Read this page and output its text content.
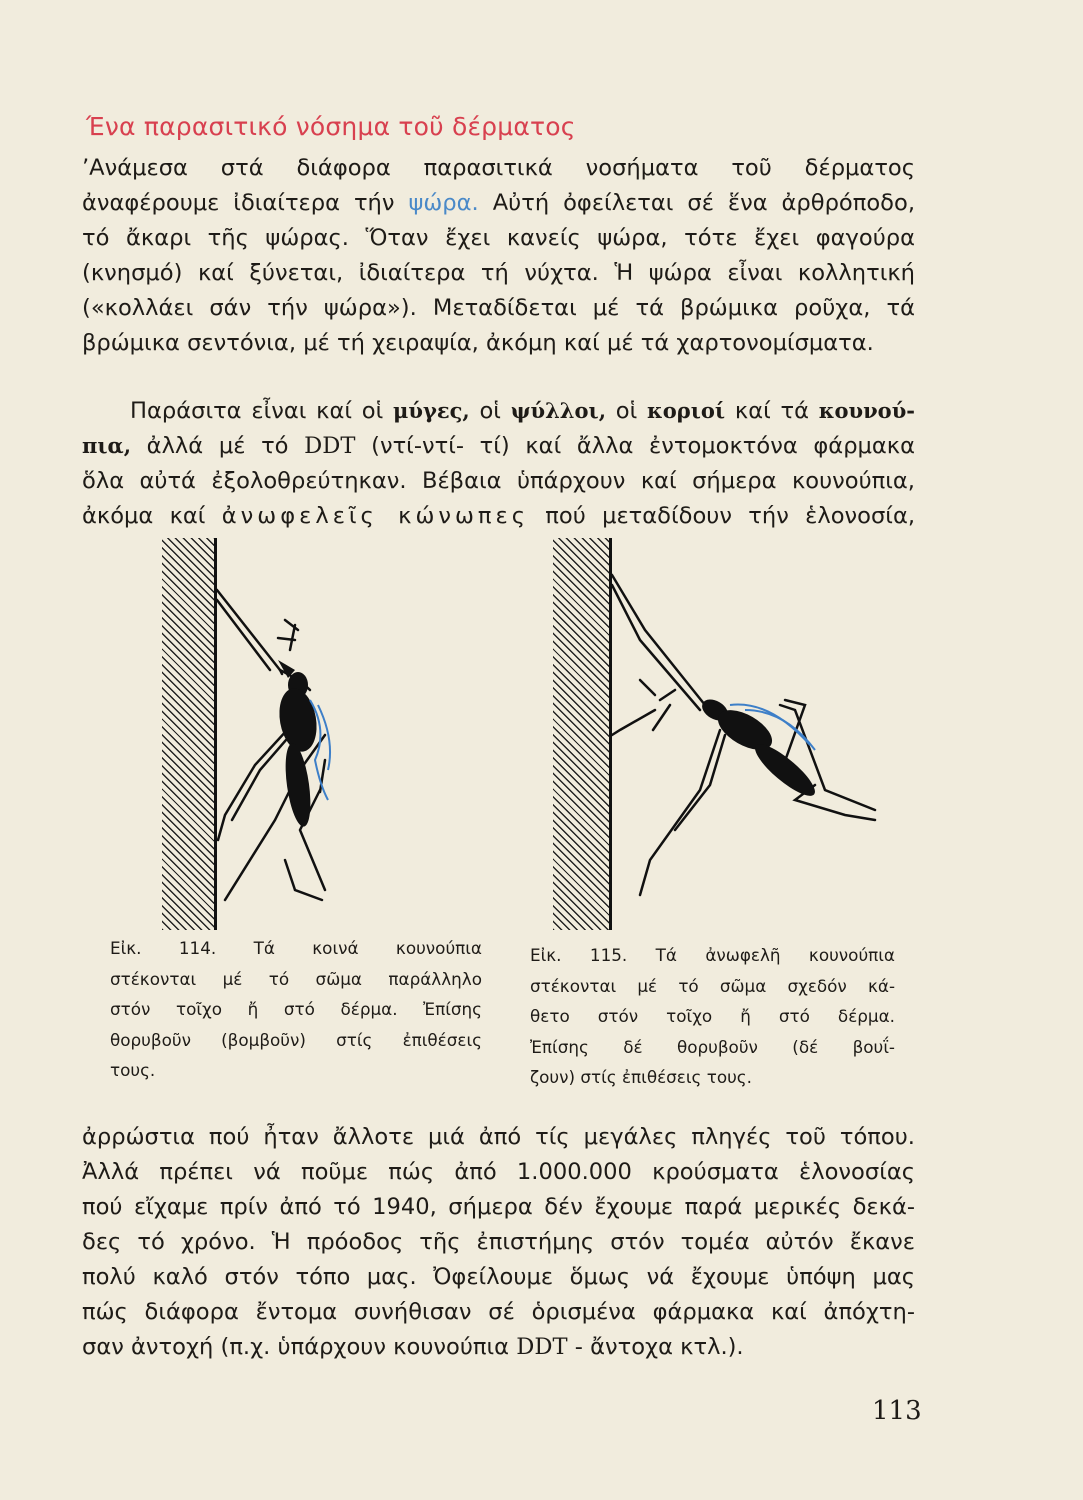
Ένα παρασιτικό νόσημα τοῦ δέρματος
’Ανάμεσα στά διάφορα παρασιτικά νοσήματα τοῦ δέρματος
ἀναφέρουμε ἰδιαίτερα τήν ψώρα. Αὐτή ὀφείλεται σέ ἕνα ἀρθρόποδο,
τό ἄκαρι τῆς ψώρας. Ὅταν ἔχει κανείς ψώρα, τότε ἔχει φαγούρα
(κνησμό) καί ξύνεται, ἰδιαίτερα τή νύχτα. Ἡ ψώρα εἶναι κολλητική
(«κολλάει σάν τήν ψώρα»). Μεταδίδεται μέ τά βρώμικα ροῦχα, τά
βρώμικα σεντόνια, μέ τή χειραψία, ἀκόμη καί μέ τά χαρτονομίσματα.
Παράσιτα εἶναι καί οἱ μύγες, οἱ ψύλλοι, οἱ κοριοί καί τά κουνού-
πια, ἀλλά μέ τό DDT (ντί-ντί- τί) καί ἄλλα ἐντομοκτόνα φάρμακα
ὅλα αὐτά ἐξολοθρεύτηκαν. Βέβαια ὑπάρχουν καί σήμερα κουνούπια,
ἀκόμα καί ἀνωφελεῖς κώνωπες πού μεταδίδουν τήν ἑλονοσία,
Εἰκ. 114. Τά κοινά κουνούπια
στέκονται μέ τό σῶμα παράλληλο
στόν τοῖχο ἤ στό δέρμα. Ἐπίσης
θορυβοῦν (βομβοῦν) στίς ἐπιθέσεις
τους.
Εἰκ. 115. Τά ἀνωφελῆ κουνούπια
στέκονται μέ τό σῶμα σχεδόν κά-
θετο στόν τοῖχο ἤ στό δέρμα.
Ἐπίσης δέ θορυβοῦν (δέ βουΐ-
ζουν) στίς ἐπιθέσεις τους.
ἀρρώστια πού ἦταν ἄλλοτε μιά ἀπό τίς μεγάλες πληγές τοῦ τόπου.
Ἀλλά πρέπει νά ποῦμε πώς ἀπό 1.000.000 κρούσματα ἑλονοσίας
πού εἴχαμε πρίν ἀπό τό 1940, σήμερα δέν ἔχουμε παρά μερικές δεκά-
δες τό χρόνο. Ἡ πρόοδος τῆς ἐπιστήμης στόν τομέα αὐτόν ἔκανε
πολύ καλό στόν τόπο μας. Ὀφείλουμε ὅμως νά ἔχουμε ὑπόψη μας
πώς διάφορα ἔντομα συνήθισαν σέ ὁρισμένα φάρμακα καί ἀπόχτη-
σαν ἀντοχή (π.χ. ὑπάρχουν κουνούπια DDT - ἄντοχα κτλ.).
113
